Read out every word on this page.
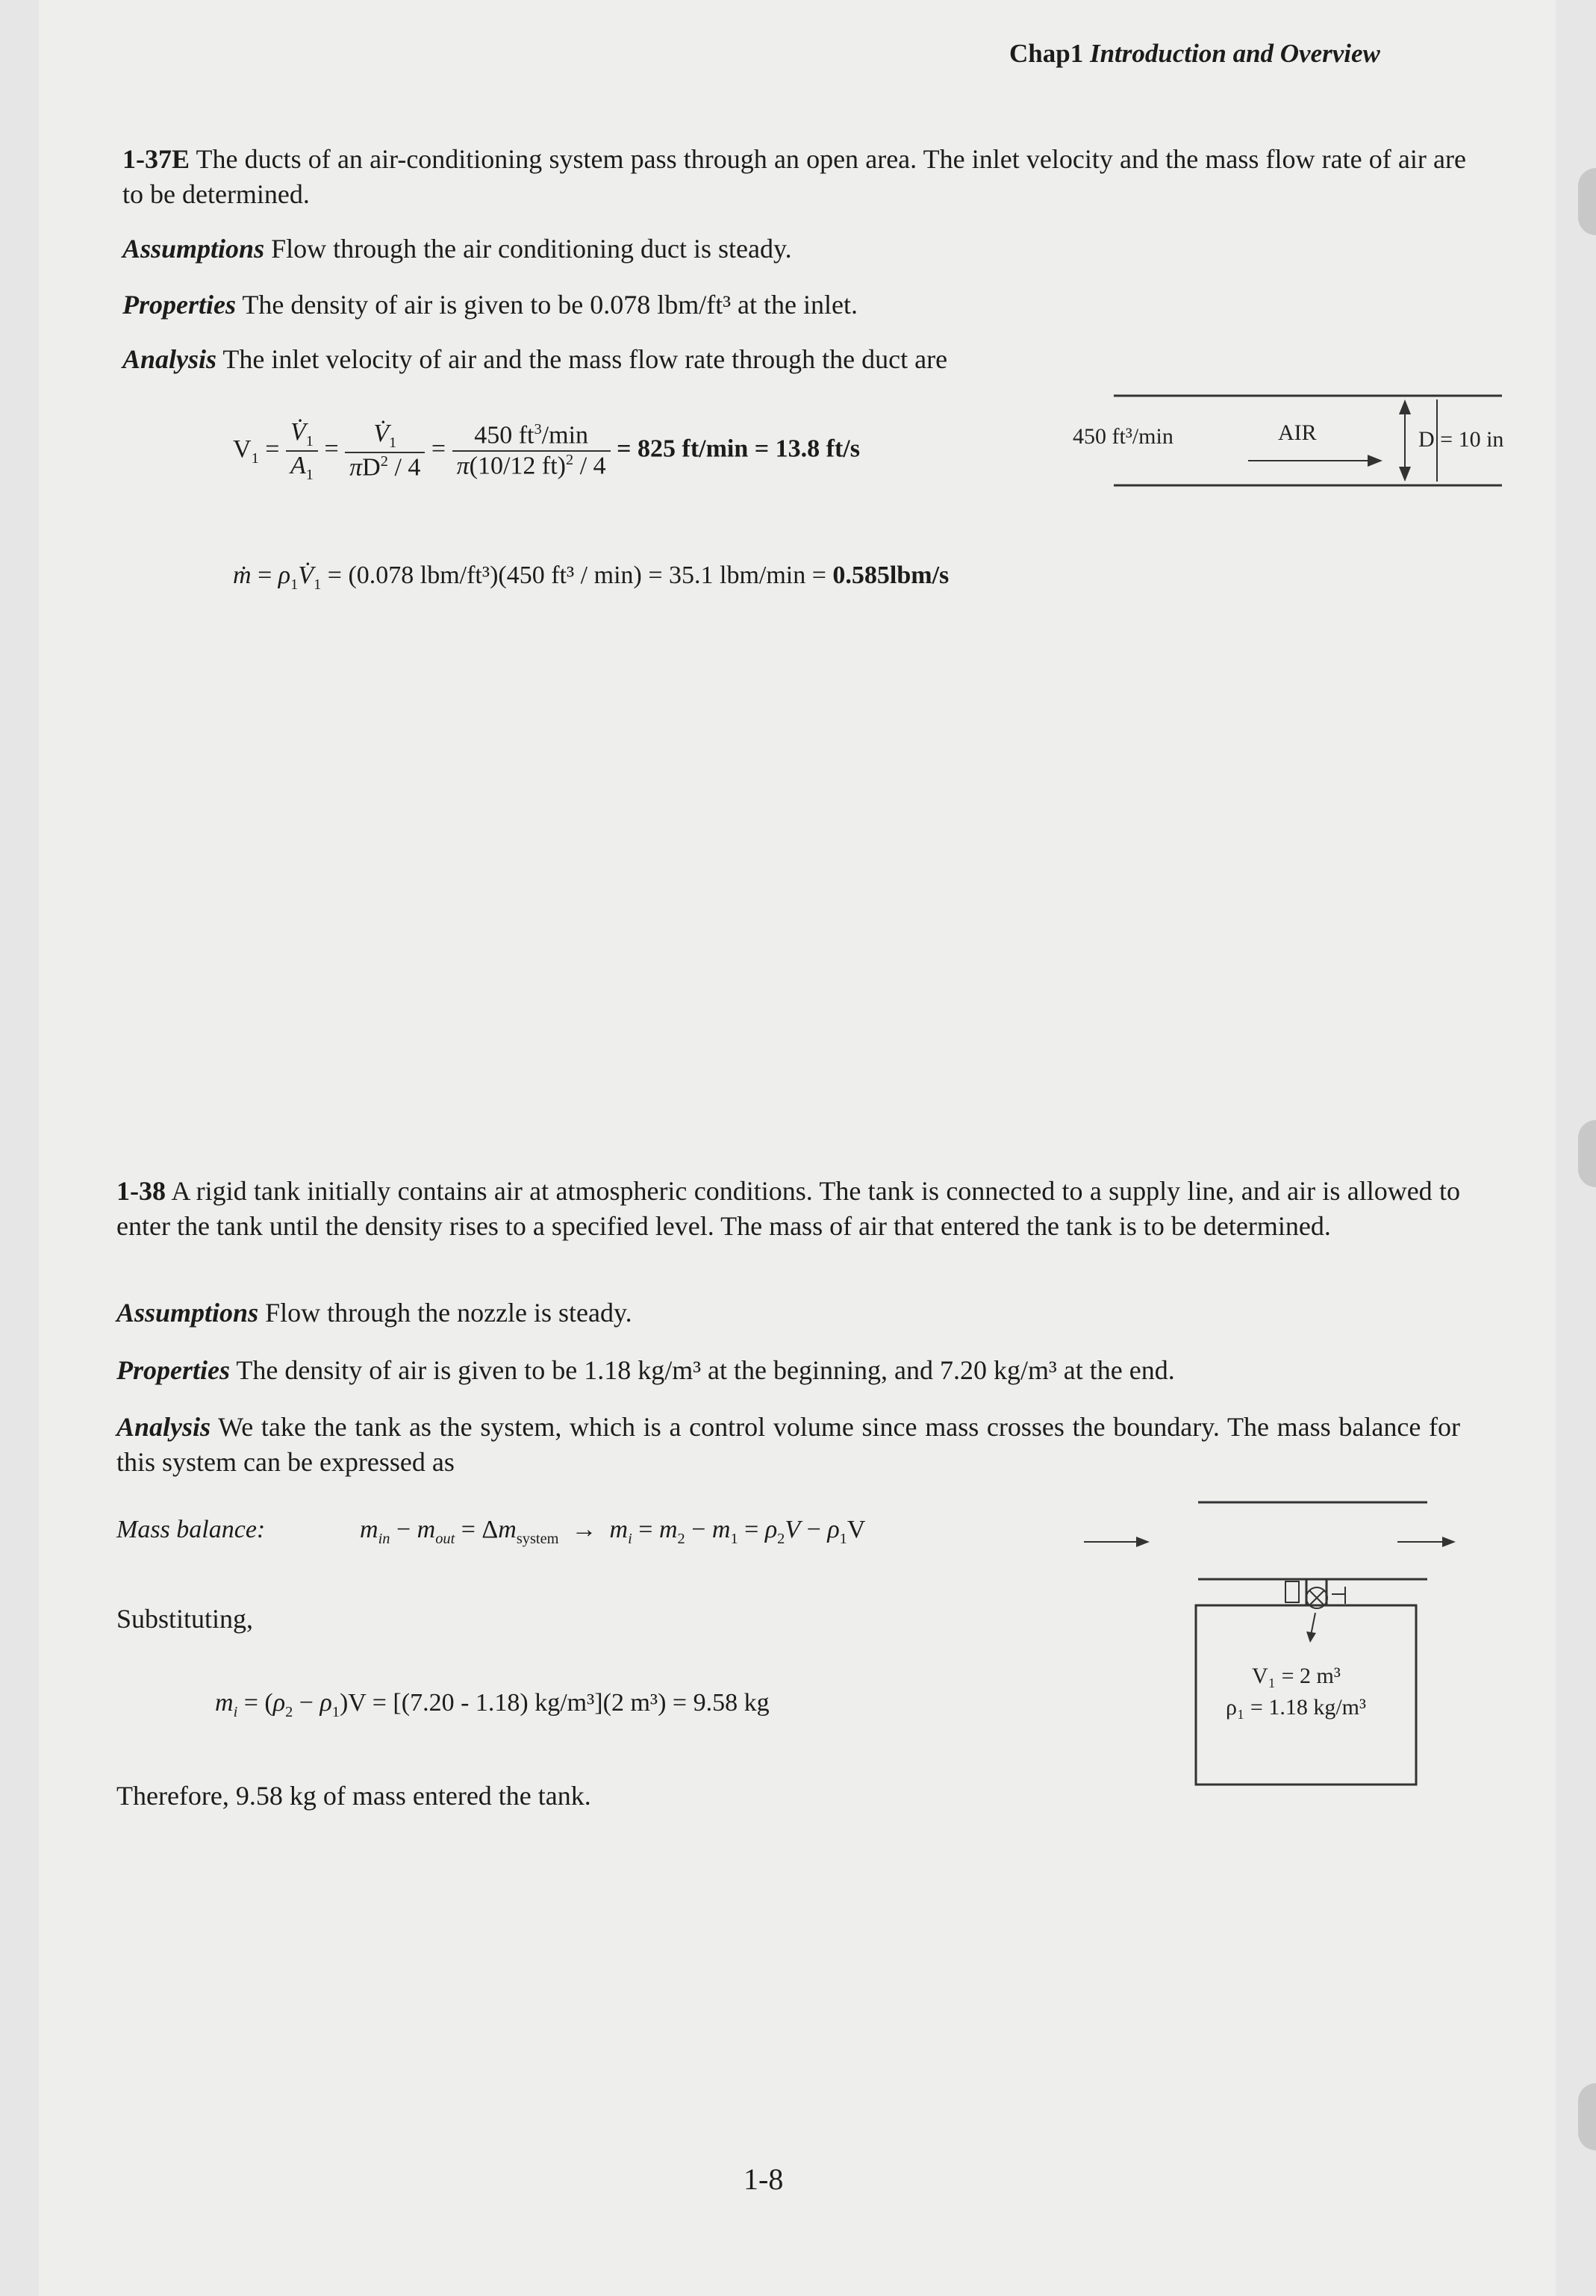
Chap1 Introduction and Overview
1-37E The ducts of an air-conditioning system pass through an open area. The inlet velocity and the mass flow rate of air are to be determined.
Assumptions Flow through the air conditioning duct is steady.
Properties The density of air is given to be 0.078 lbm/ft³ at the inlet.
Analysis The inlet velocity of air and the mass flow rate through the duct are
$V_1 = \frac{V̇_1}{A_1} = \frac{V̇_1}{\pi D^2 / 4} = \frac{450 ft^3/\min}{\pi(10/12 ft)^2 / 4} = 825$ ft/min = 13.8 ft/s
ṁ = $\rho_1V̇_1 = (0.078$ lbm/ft³)(450 ft³ / min) = 35.1 lbm/min = 0.585lbm/s
450 ft³/min	AIR	D = 10 in
1-38 A rigid tank initially contains air at atmospheric conditions. The tank is connected to a supply line, and air is allowed to enter the tank until the density rises to a specified level. The mass of air that entered the tank is to be determined.
Assumptions Flow through the nozzle is steady.
Properties The density of air is given to be 1.18 kg/m³ at the beginning, and 7.20 kg/m³ at the end.
Analysis We take the tank as the system, which is a control volume since mass crosses the boundary. The mass balance for this system can be expressed as
Mass balance:	$m_{in} - m_{out} = \Delta m_{system} \to m_i = m_2 - m_1 = \rho_2V - \rho_1V$
Substituting,
$m_i = (\rho_2 - \rho_1)V = [(7.20 - 1.18)$ kg/m³](2 m³) = 9.58 kg
Therefore, 9.58 kg of mass entered the tank.
V₁ = 2 m³
ρ₁ = 1.18 kg/m³
1-8
